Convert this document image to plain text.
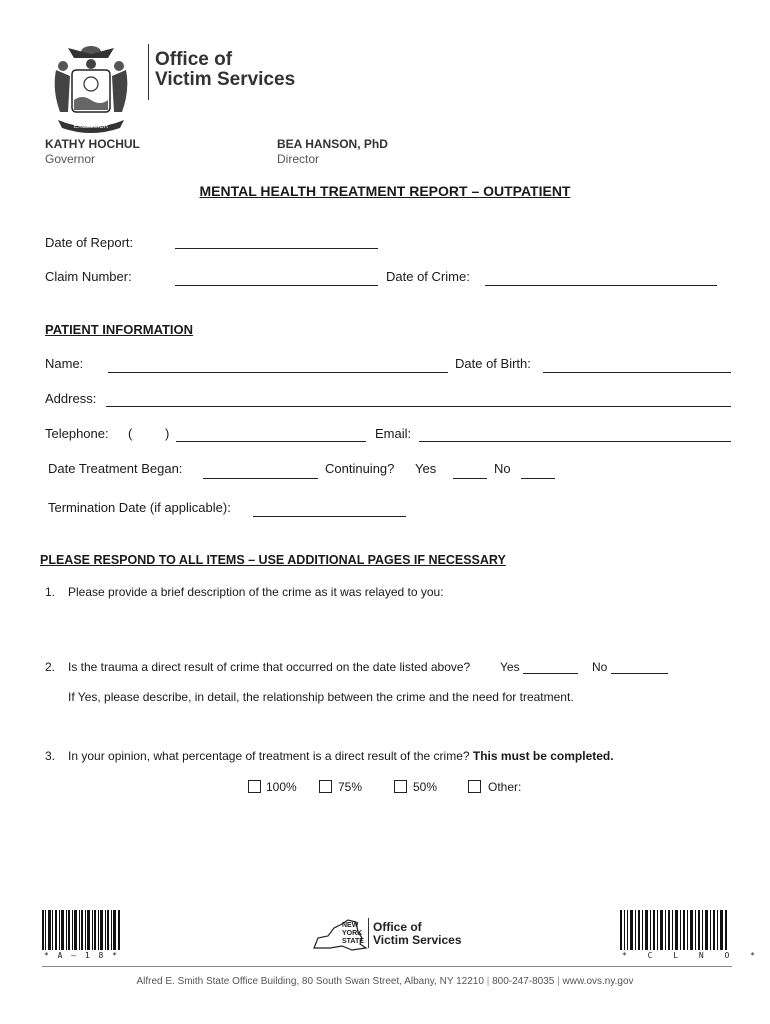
EXCELSIOR
Office of
Victim Services
KATHY HOCHUL
Governor
BEA HANSON, PhD
Director
MENTAL HEALTH TREATMENT REPORT – OUTPATIENT
Date of Report:
Claim Number:	Date of Crime:
PATIENT INFORMATION
Name:	Date of Birth:
Address:
Telephone: (	)	Email:
Date Treatment Began:	Continuing? Yes	No
Termination Date (if applicable):
PLEASE RESPOND TO ALL ITEMS – USE ADDITIONAL PAGES IF NECESSARY
1. Please provide a brief description of the crime as it was relayed to you:
2. Is the trauma a direct result of crime that occurred on the date listed above? Yes	No
If Yes, please describe, in detail, the relationship between the crime and the need for treatment.
3. In your opinion, what percentage of treatment is a direct result of the crime? This must be completed.
100%	75%	50%	Other:
* A – 1 8 *
NEW
YORK
STATE
Office of
Victim Services
* C L N O *
Alfred E. Smith State Office Building, 80 South Swan Street, Albany, NY 12210 | 800-247-8035 | www.ovs.ny.gov
